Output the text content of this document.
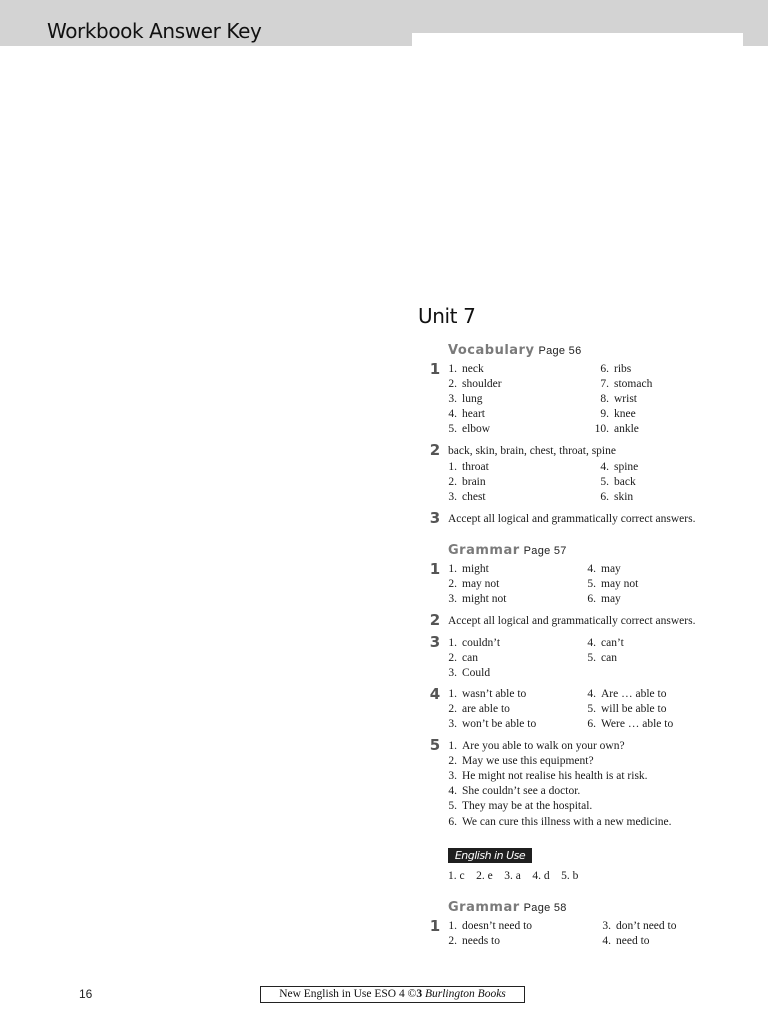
Workbook Answer Key
Unit 7
Vocabulary Page 56
1 1. neck
2. shoulder
3. lung
4. heart
5. elbow
6. ribs
7. stomach
8. wrist
9. knee
10. ankle
2 back, skin, brain, chest, throat, spine
1. throat
2. brain
3. chest
4. spine
5. back
6. skin
3 Accept all logical and grammatically correct answers.
Grammar Page 57
1 1. might
2. may not
3. might not
4. may
5. may not
6. may
2 Accept all logical and grammatically correct answers.
3 1. couldn’t
2. can
3. Could
4. can’t
5. can
4 1. wasn’t able to
2. are able to
3. won’t be able to
4. Are … able to
5. will be able to
6. Were … able to
5 1. Are you able to walk on your own?
2. May we use this equipment?
3. He might not realise his health is at risk.
4. She couldn’t see a doctor.
5. They may be at the hospital.
6. We can cure this illness with a new medicine.
English in Use
1. c    2. e    3. a    4. d    5. b
Grammar Page 58
1 1. doesn’t need to
2. needs to
3. don’t need to
4. need to
16	New English in Use ESO 4 ©3 Burlington Books
